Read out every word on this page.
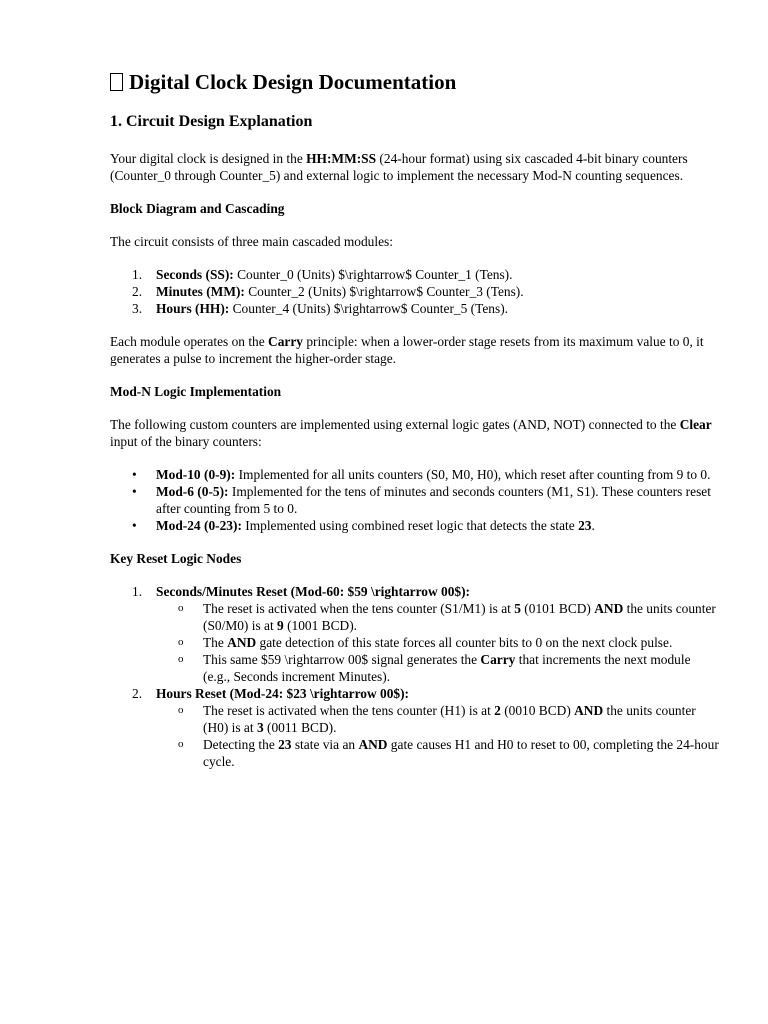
Digital Clock Design Documentation
1. Circuit Design Explanation

Your digital clock is designed in the HH:MM:SS (24-hour format) using six cascaded 4-bit binary counters (Counter_0 through Counter_5) and external logic to implement the necessary Mod-N counting sequences.

Block Diagram and Cascading

The circuit consists of three main cascaded modules:

1. Seconds (SS): Counter_0 (Units) $\rightarrow$ Counter_1 (Tens).
2. Minutes (MM): Counter_2 (Units) $\rightarrow$ Counter_3 (Tens).
3. Hours (HH): Counter_4 (Units) $\rightarrow$ Counter_5 (Tens).

Each module operates on the Carry principle: when a lower-order stage resets from its maximum value to 0, it generates a pulse to increment the higher-order stage.

Mod-N Logic Implementation

The following custom counters are implemented using external logic gates (AND, NOT) connected to the Clear input of the binary counters:

• Mod-10 (0-9): Implemented for all units counters (S0, M0, H0), which reset after counting from 9 to 0.
• Mod-6 (0-5): Implemented for the tens of minutes and seconds counters (M1, S1). These counters reset after counting from 5 to 0.
• Mod-24 (0-23): Implemented using combined reset logic that detects the state 23.
Key Reset Logic Nodes
1. Seconds/Minutes Reset (Mod-60: $59 \rightarrow 00$):
o The reset is activated when the tens counter (S1/M1) is at 5 (0101 BCD) AND the units counter (S0/M0) is at 9 (1001 BCD).
o The AND gate detection of this state forces all counter bits to 0 on the next clock pulse.
o This same $59 \rightarrow 00$ signal generates the Carry that increments the next module (e.g., Seconds increment Minutes).
2. Hours Reset (Mod-24: $23 \rightarrow 00$):
o The reset is activated when the tens counter (H1) is at 2 (0010 BCD) AND the units counter (H0) is at 3 (0011 BCD).
o Detecting the 23 state via an AND gate causes H1 and H0 to reset to 00, completing the 24-hour cycle.
